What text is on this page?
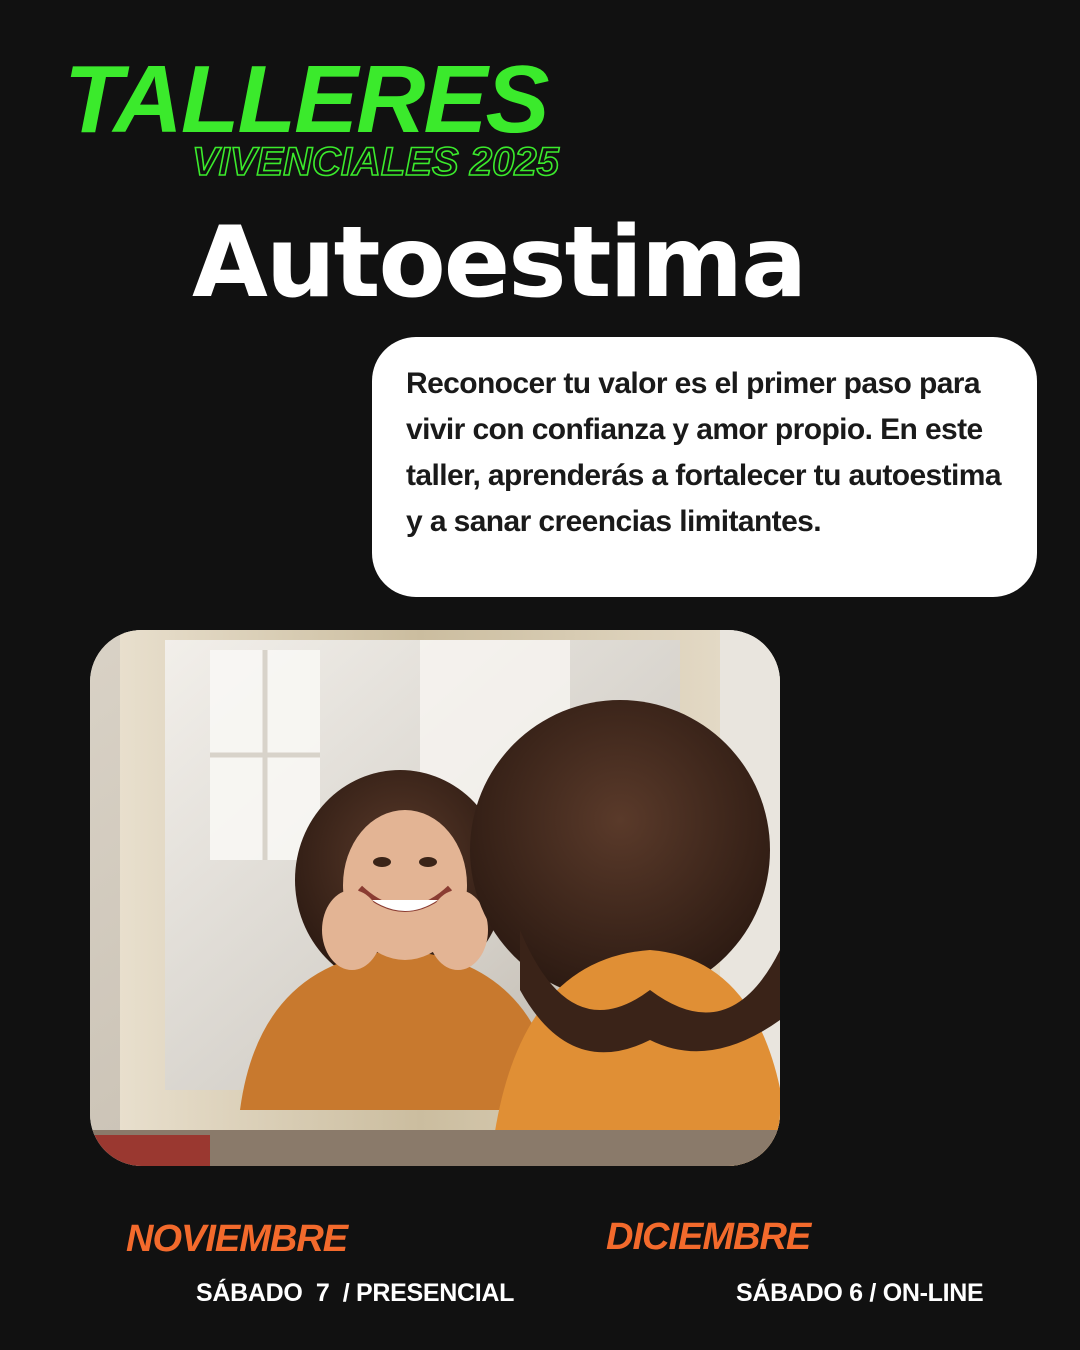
TALLERES
VIVENCIALES 2025
Autoestima

Reconocer tu valor es el primer paso para vivir con confianza y amor propio. En este taller, aprenderás a fortalecer tu autoestima y a sanar creencias limitantes.

NOVIEMBRE
SÁBADO  7  / PRESENCIAL
DICIEMBRE
SÁBADO 6 / ON-LINE
